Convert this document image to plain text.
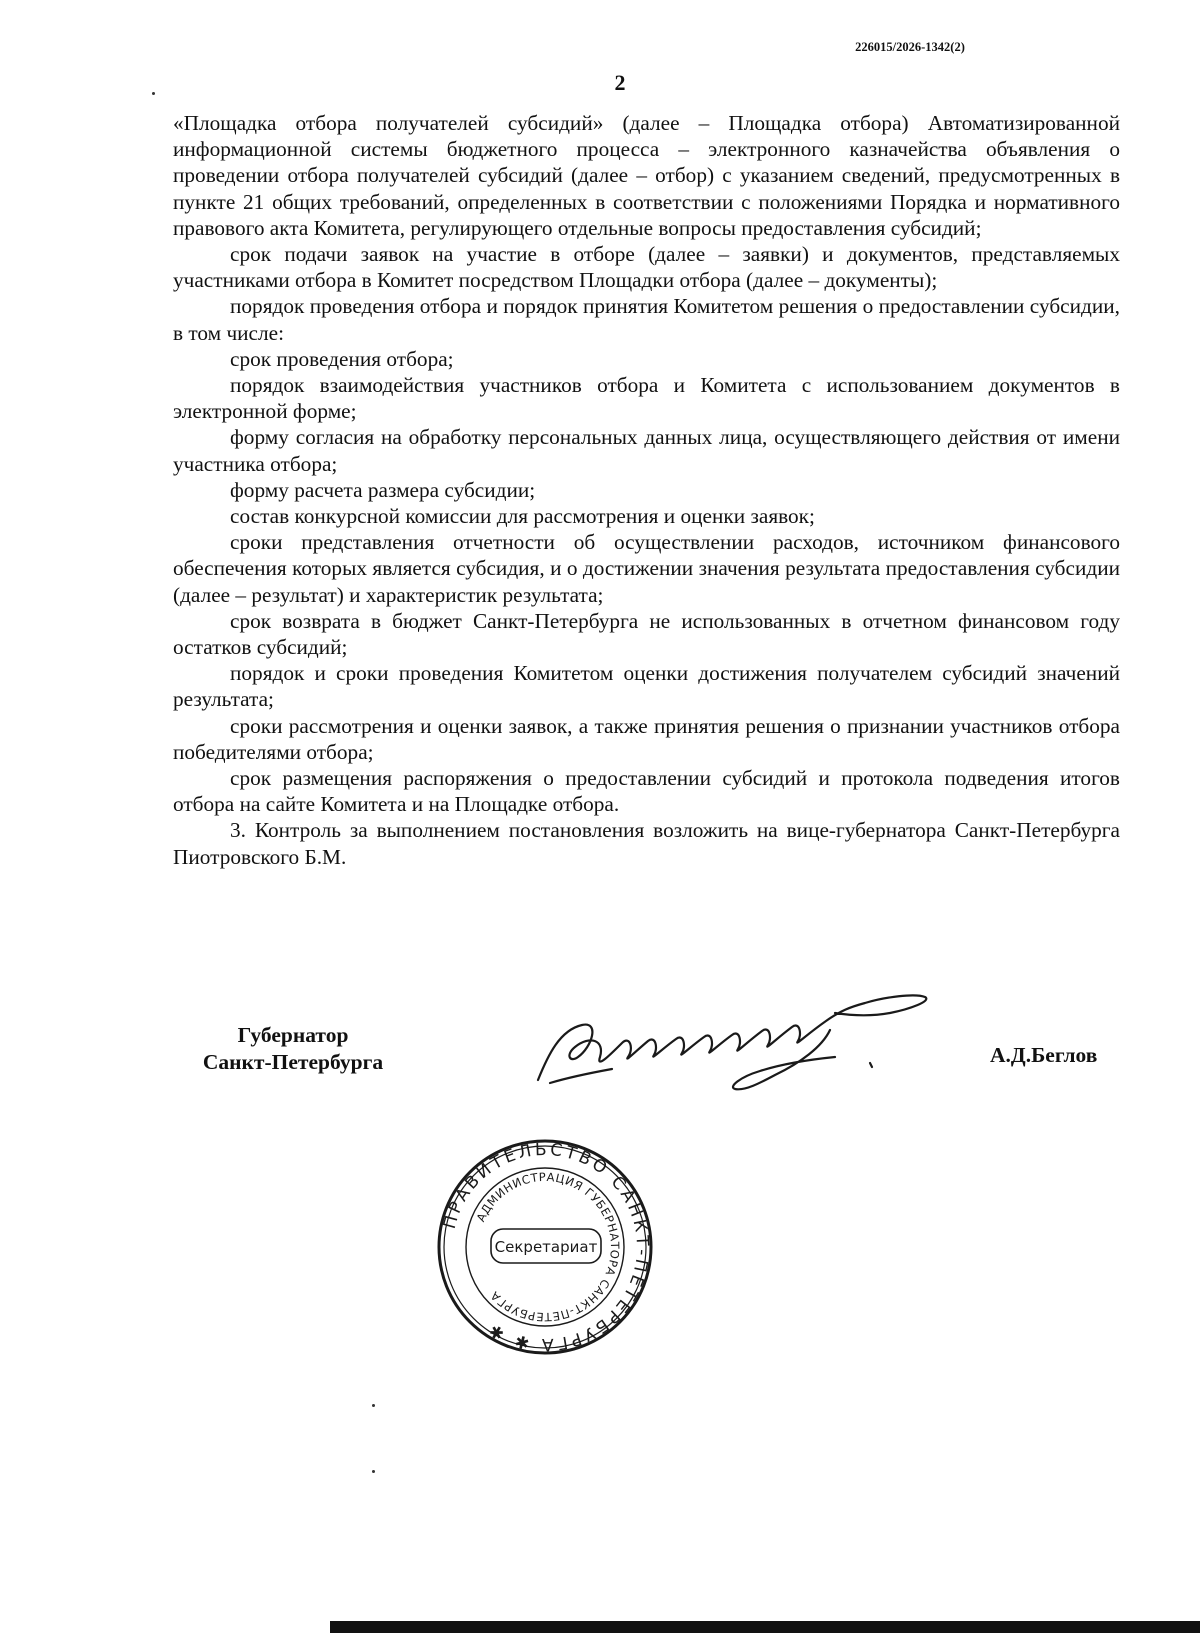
226015/2026-1342(2)
2

«Площадка отбора получателей субсидий» (далее – Площадка отбора) Автоматизированной информационной системы бюджетного процесса – электронного казначейства объявления о проведении отбора получателей субсидий (далее – отбор) с указанием сведений, предусмотренных в пункте 21 общих требований, определенных в соответствии с положениями Порядка и нормативного правового акта Комитета, регулирующего отдельные вопросы предоставления субсидий;

срок подачи заявок на участие в отборе (далее – заявки) и документов, представляемых участниками отбора в Комитет посредством Площадки отбора (далее – документы);

порядок проведения отбора и порядок принятия Комитетом решения о предоставлении субсидии, в том числе:

срок проведения отбора;

порядок взаимодействия участников отбора и Комитета с использованием документов в электронной форме;

форму согласия на обработку персональных данных лица, осуществляющего действия от имени участника отбора;

форму расчета размера субсидии;

состав конкурсной комиссии для рассмотрения и оценки заявок;

сроки представления отчетности об осуществлении расходов, источником финансового обеспечения которых является субсидия, и о достижении значения результата предоставления субсидии (далее – результат) и характеристик результата;

срок возврата в бюджет Санкт-Петербурга не использованных в отчетном финансовом году остатков субсидий;

порядок и сроки проведения Комитетом оценки достижения получателем субсидий значений результата;

сроки рассмотрения и оценки заявок, а также принятия решения о признании участников отбора победителями отбора;

срок размещения распоряжения о предоставлении субсидий и протокола подведения итогов отбора на сайте Комитета и на Площадке отбора.

3. Контроль за выполнением постановления возложить на вице-губернатора Санкт-Петербурга Пиотровского Б.М.

Губернатор
Санкт-Петербурга	А.Д.Беглов
ПРАВИТЕЛЬСТВО САНКТ-ПЕТЕРБУРГА ✱ ✱
АДМИНИСТРАЦИЯ ГУБЕРНАТОРА САНКТ-ПЕТЕРБУРГА
Секретариат
